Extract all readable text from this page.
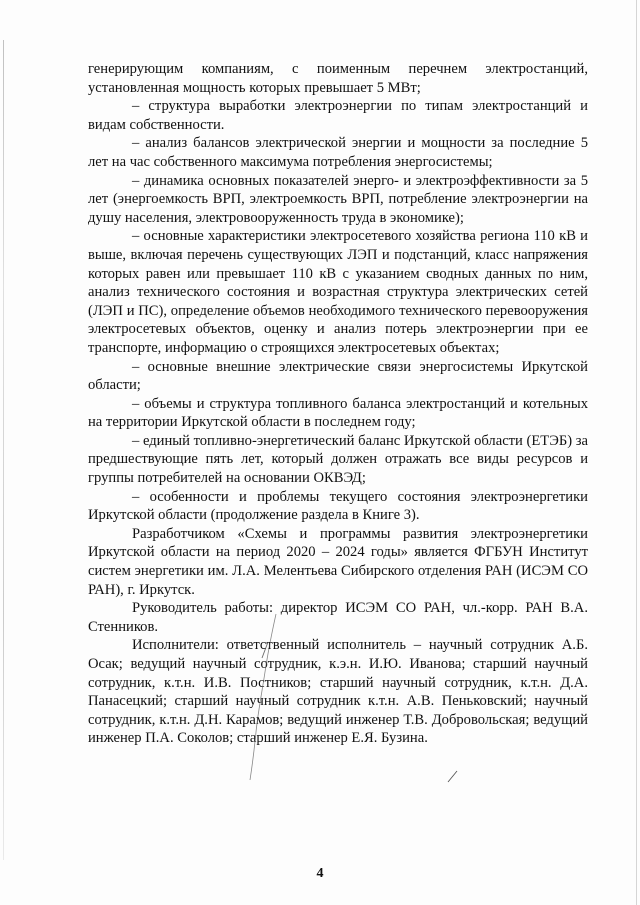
генерирующим компаниям, с поименным перечнем электростанций, установленная мощность которых превышает 5 МВт;

– структура выработки электроэнергии по типам электростанций и видам собственности.

– анализ балансов электрической энергии и мощности за последние 5 лет на час собственного максимума потребления энергосистемы;

– динамика основных показателей энерго- и электроэффективности за 5 лет (энергоемкость ВРП, электроемкость ВРП, потребление электроэнергии на душу населения, электровооруженность труда в экономике);

– основные характеристики электросетевого хозяйства региона 110 кВ и выше, включая перечень существующих ЛЭП и подстанций, класс напряжения которых равен или превышает 110 кВ с указанием сводных данных по ним, анализ технического состояния и возрастная структура электрических сетей (ЛЭП и ПС), определение объемов необходимого технического перевооружения электросетевых объектов, оценку и анализ потерь электроэнергии при ее транспорте, информацию о строящихся электросетевых объектах;

– основные внешние электрические связи энергосистемы Иркутской области;

– объемы и структура топливного баланса электростанций и котельных на территории Иркутской области в последнем году;

– единый топливно-энергетический баланс Иркутской области (ЕТЭБ) за предшествующие пять лет, который должен отражать все виды ресурсов и группы потребителей на основании ОКВЭД;

– особенности и проблемы текущего состояния электроэнергетики Иркутской области (продолжение раздела в Книге 3).

Разработчиком «Схемы и программы развития электроэнергетики Иркутской области на период 2020 – 2024 годы» является ФГБУН Институт систем энергетики им. Л.А. Мелентьева Сибирского отделения РАН (ИСЭМ СО РАН), г. Иркутск.

Руководитель работы: директор ИСЭМ СО РАН, чл.-корр. РАН В.А. Стенников.

Исполнители: ответственный исполнитель – научный сотрудник А.Б. Осак; ведущий научный сотрудник, к.э.н. И.Ю. Иванова; старший научный сотрудник, к.т.н. И.В. Постников; старший научный сотрудник, к.т.н. Д.А. Панасецкий; старший научный сотрудник к.т.н. А.В. Пеньковский; научный сотрудник, к.т.н. Д.Н. Карамов; ведущий инженер Т.В. Добровольская; ведущий инженер П.А. Соколов; старший инженер Е.Я. Бузина.

4
